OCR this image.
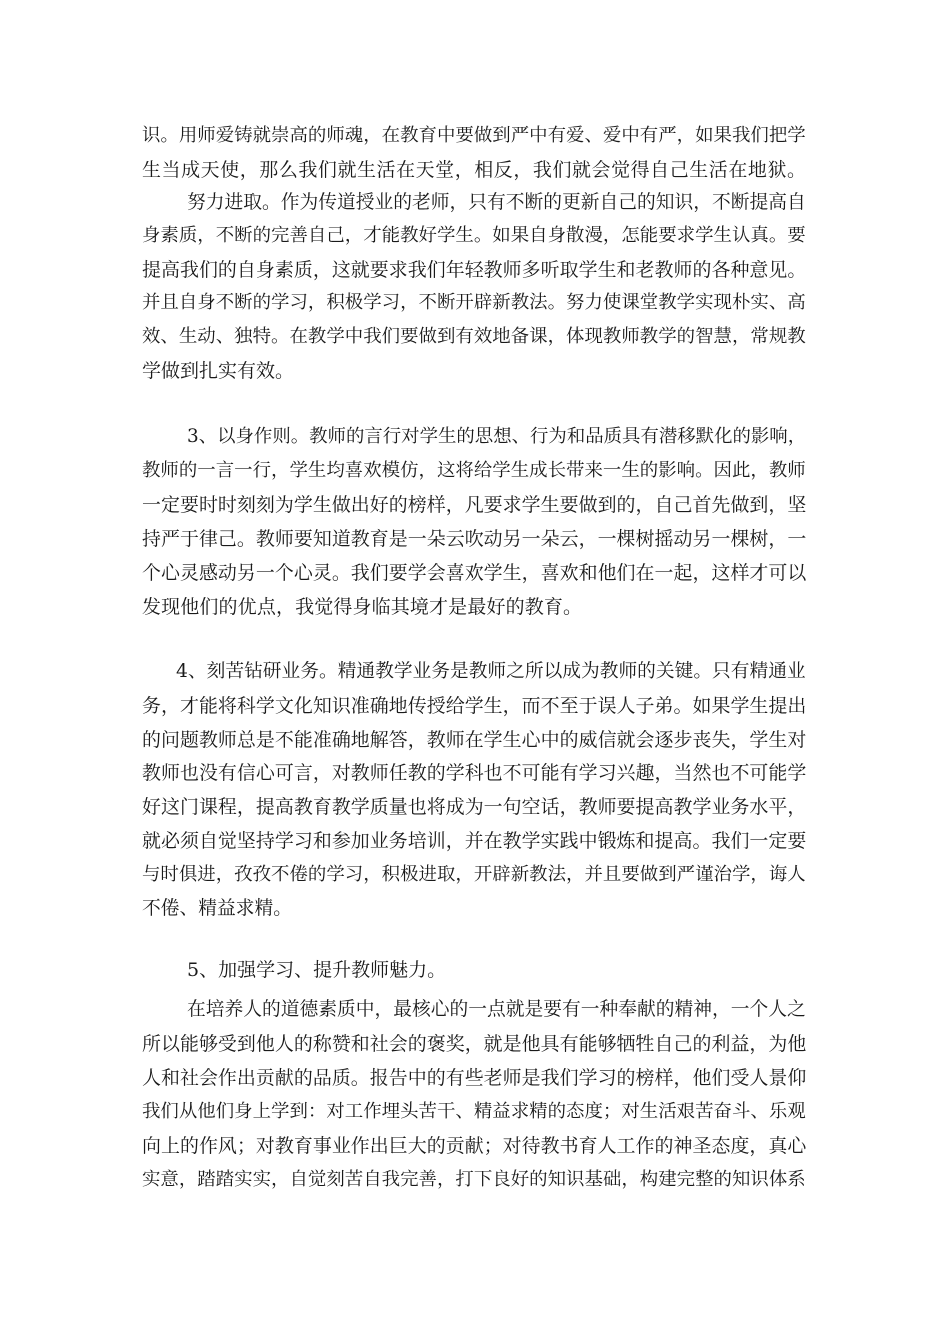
识。用师爱铸就崇高的师魂，在教育中要做到严中有爱、爱中有严，如果我们把学
生当成天使，那么我们就生活在天堂，相反，我们就会觉得自己生活在地狱。
努力进取。作为传道授业的老师，只有不断的更新自己的知识，不断提高自
身素质，不断的完善自己，才能教好学生。如果自身散漫，怎能要求学生认真。要
提高我们的自身素质，这就要求我们年轻教师多听取学生和老教师的各种意见。
并且自身不断的学习，积极学习，不断开辟新教法。努力使课堂教学实现朴实、高
效、生动、独特。在教学中我们要做到有效地备课，体现教师教学的智慧，常规教
学做到扎实有效。
3、以身作则。教师的言行对学生的思想、行为和品质具有潜移默化的影响，
教师的一言一行，学生均喜欢模仿，这将给学生成长带来一生的影响。因此，教师
一定要时时刻刻为学生做出好的榜样，凡要求学生要做到的，自己首先做到，坚
持严于律己。教师要知道教育是一朵云吹动另一朵云，一棵树摇动另一棵树，一
个心灵感动另一个心灵。我们要学会喜欢学生，喜欢和他们在一起，这样才可以
发现他们的优点，我觉得身临其境才是最好的教育。
4、刻苦钻研业务。精通教学业务是教师之所以成为教师的关键。只有精通业
务，才能将科学文化知识准确地传授给学生，而不至于误人子弟。如果学生提出
的问题教师总是不能准确地解答，教师在学生心中的威信就会逐步丧失，学生对
教师也没有信心可言，对教师任教的学科也不可能有学习兴趣，当然也不可能学
好这门课程，提高教育教学质量也将成为一句空话，教师要提高教学业务水平，
就必须自觉坚持学习和参加业务培训，并在教学实践中锻炼和提高。我们一定要
与时俱进，孜孜不倦的学习，积极进取，开辟新教法，并且要做到严谨治学，诲人
不倦、精益求精。
5、加强学习、提升教师魅力。
在培养人的道德素质中，最核心的一点就是要有一种奉献的精神，一个人之
所以能够受到他人的称赞和社会的褒奖，就是他具有能够牺牲自己的利益，为他
人和社会作出贡献的品质。报告中的有些老师是我们学习的榜样，他们受人景仰
我们从他们身上学到：对工作埋头苦干、精益求精的态度；对生活艰苦奋斗、乐观
向上的作风；对教育事业作出巨大的贡献；对待教书育人工作的神圣态度，真心
实意，踏踏实实，自觉刻苦自我完善，打下良好的知识基础，构建完整的知识体系
